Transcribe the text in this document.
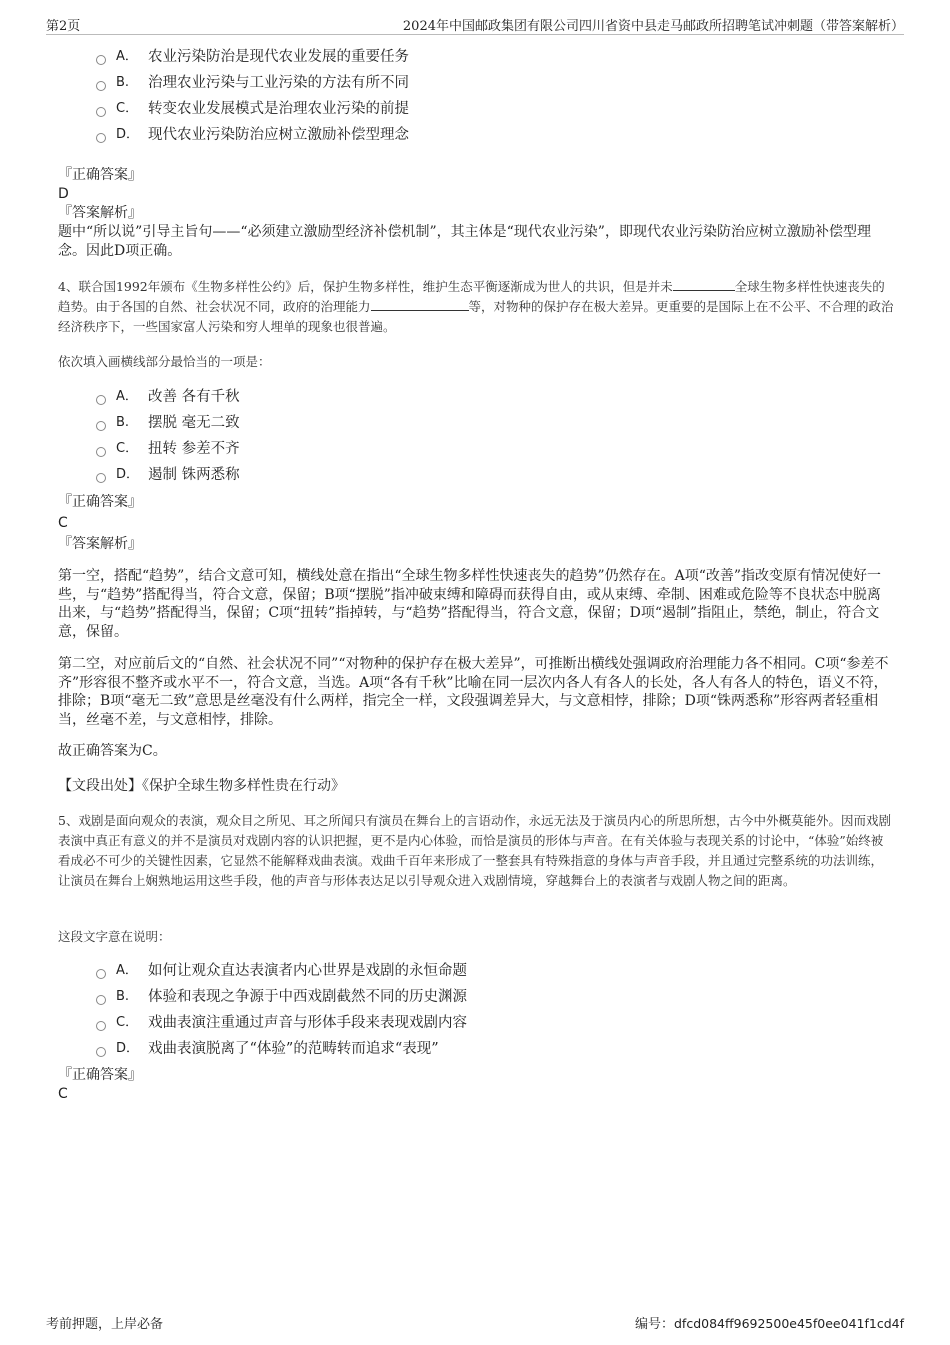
第2页	2024年中国邮政集团有限公司四川省资中县走马邮政所招聘笔试冲刺题（带答案解析）
A． 农业污染防治是现代农业发展的重要任务
B.	治理农业污染与工业污染的方法有所不同
C． 转变农业发展模式是治理农业污染的前提
D． 现代农业污染防治应树立激励补偿型理念
『正确答案』
D
『答案解析』
题中“所以说”引导主旨句——“必须建立激励型经济补偿机制”，其主体是“现代农业污染”，即现代农业污染防治应树立激励补偿型理念。因此D项正确。
4、联合国1992年颁布《生物多样性公约》后，保护生物多样性，维护生态平衡逐渐成为世人的共识，但是并未	全球生物多样性快速丧失的趋势。由于各国的自然、社会状况不同，政府的治理能力	等，对物种的保护存在极大差异。更重要的是国际上在不公平、不合理的政治经济秩序下，一些国家富人污染和穷人埋单的现象也很普遍。
依次填入画横线部分最恰当的一项是：
A． 改善 各有千秋
B.	摆脱 毫无二致
C． 扭转 参差不齐
D． 遏制 铢两悉称
『正确答案』
C
『答案解析』
第一空，搭配“趋势”，结合文意可知，横线处意在指出“全球生物多样性快速丧失的趋势”仍然存在。A项“改善”指改变原有情况使好一些，与“趋势”搭配得当，符合文意，保留；B项“摆脱”指冲破束缚和障碍而获得自由，或从束缚、牵制、困难或危险等不良状态中脱离出来，与“趋势”搭配得当，保留；C项“扭转”指掉转，与“趋势”搭配得当，符合文意，保留；D项“遏制”指阻止，禁绝，制止，符合文意，保留。
第二空，对应前后文的“自然、社会状况不同”“对物种的保护存在极大差异”，可推断出横线处强调政府治理能力各不相同。C项“参差不齐”形容很不整齐或水平不一，符合文意，当选。A项“各有千秋”比喻在同一层次内各人有各人的长处，各人有各人的特色，语义不符，排除；B项“毫无二致”意思是丝毫没有什么两样，指完全一样，文段强调差异大，与文意相悖，排除；D项“铢两悉称”形容两者轻重相当，丝毫不差，与文意相悖，排除。
故正确答案为C。
【文段出处】《保护全球生物多样性贵在行动》
5、戏剧是面向观众的表演，观众目之所见、耳之所闻只有演员在舞台上的言语动作，永远无法及于演员内心的所思所想，古今中外概莫能外。因而戏剧表演中真正有意义的并不是演员对戏剧内容的认识把握，更不是内心体验，而恰是演员的形体与声音。在有关体验与表现关系的讨论中，“体验”始终被看成必不可少的关键性因素，它显然不能解释戏曲表演。戏曲千百年来形成了一整套具有特殊指意的身体与声音手段，并且通过完整系统的功法训练，让演员在舞台上娴熟地运用这些手段，他的声音与形体表达足以引导观众进入戏剧情境，穿越舞台上的表演者与戏剧人物之间的距离。
这段文字意在说明：
A． 如何让观众直达表演者内心世界是戏剧的永恒命题
B.	体验和表现之争源于中西戏剧截然不同的历史渊源
C． 戏曲表演注重通过声音与形体手段来表现戏剧内容
D． 戏曲表演脱离了“体验”的范畴转而追求“表现”
『正确答案』
C
考前押题，上岸必备	编号：dfcd084ff9692500e45f0ee041f1cd4f
